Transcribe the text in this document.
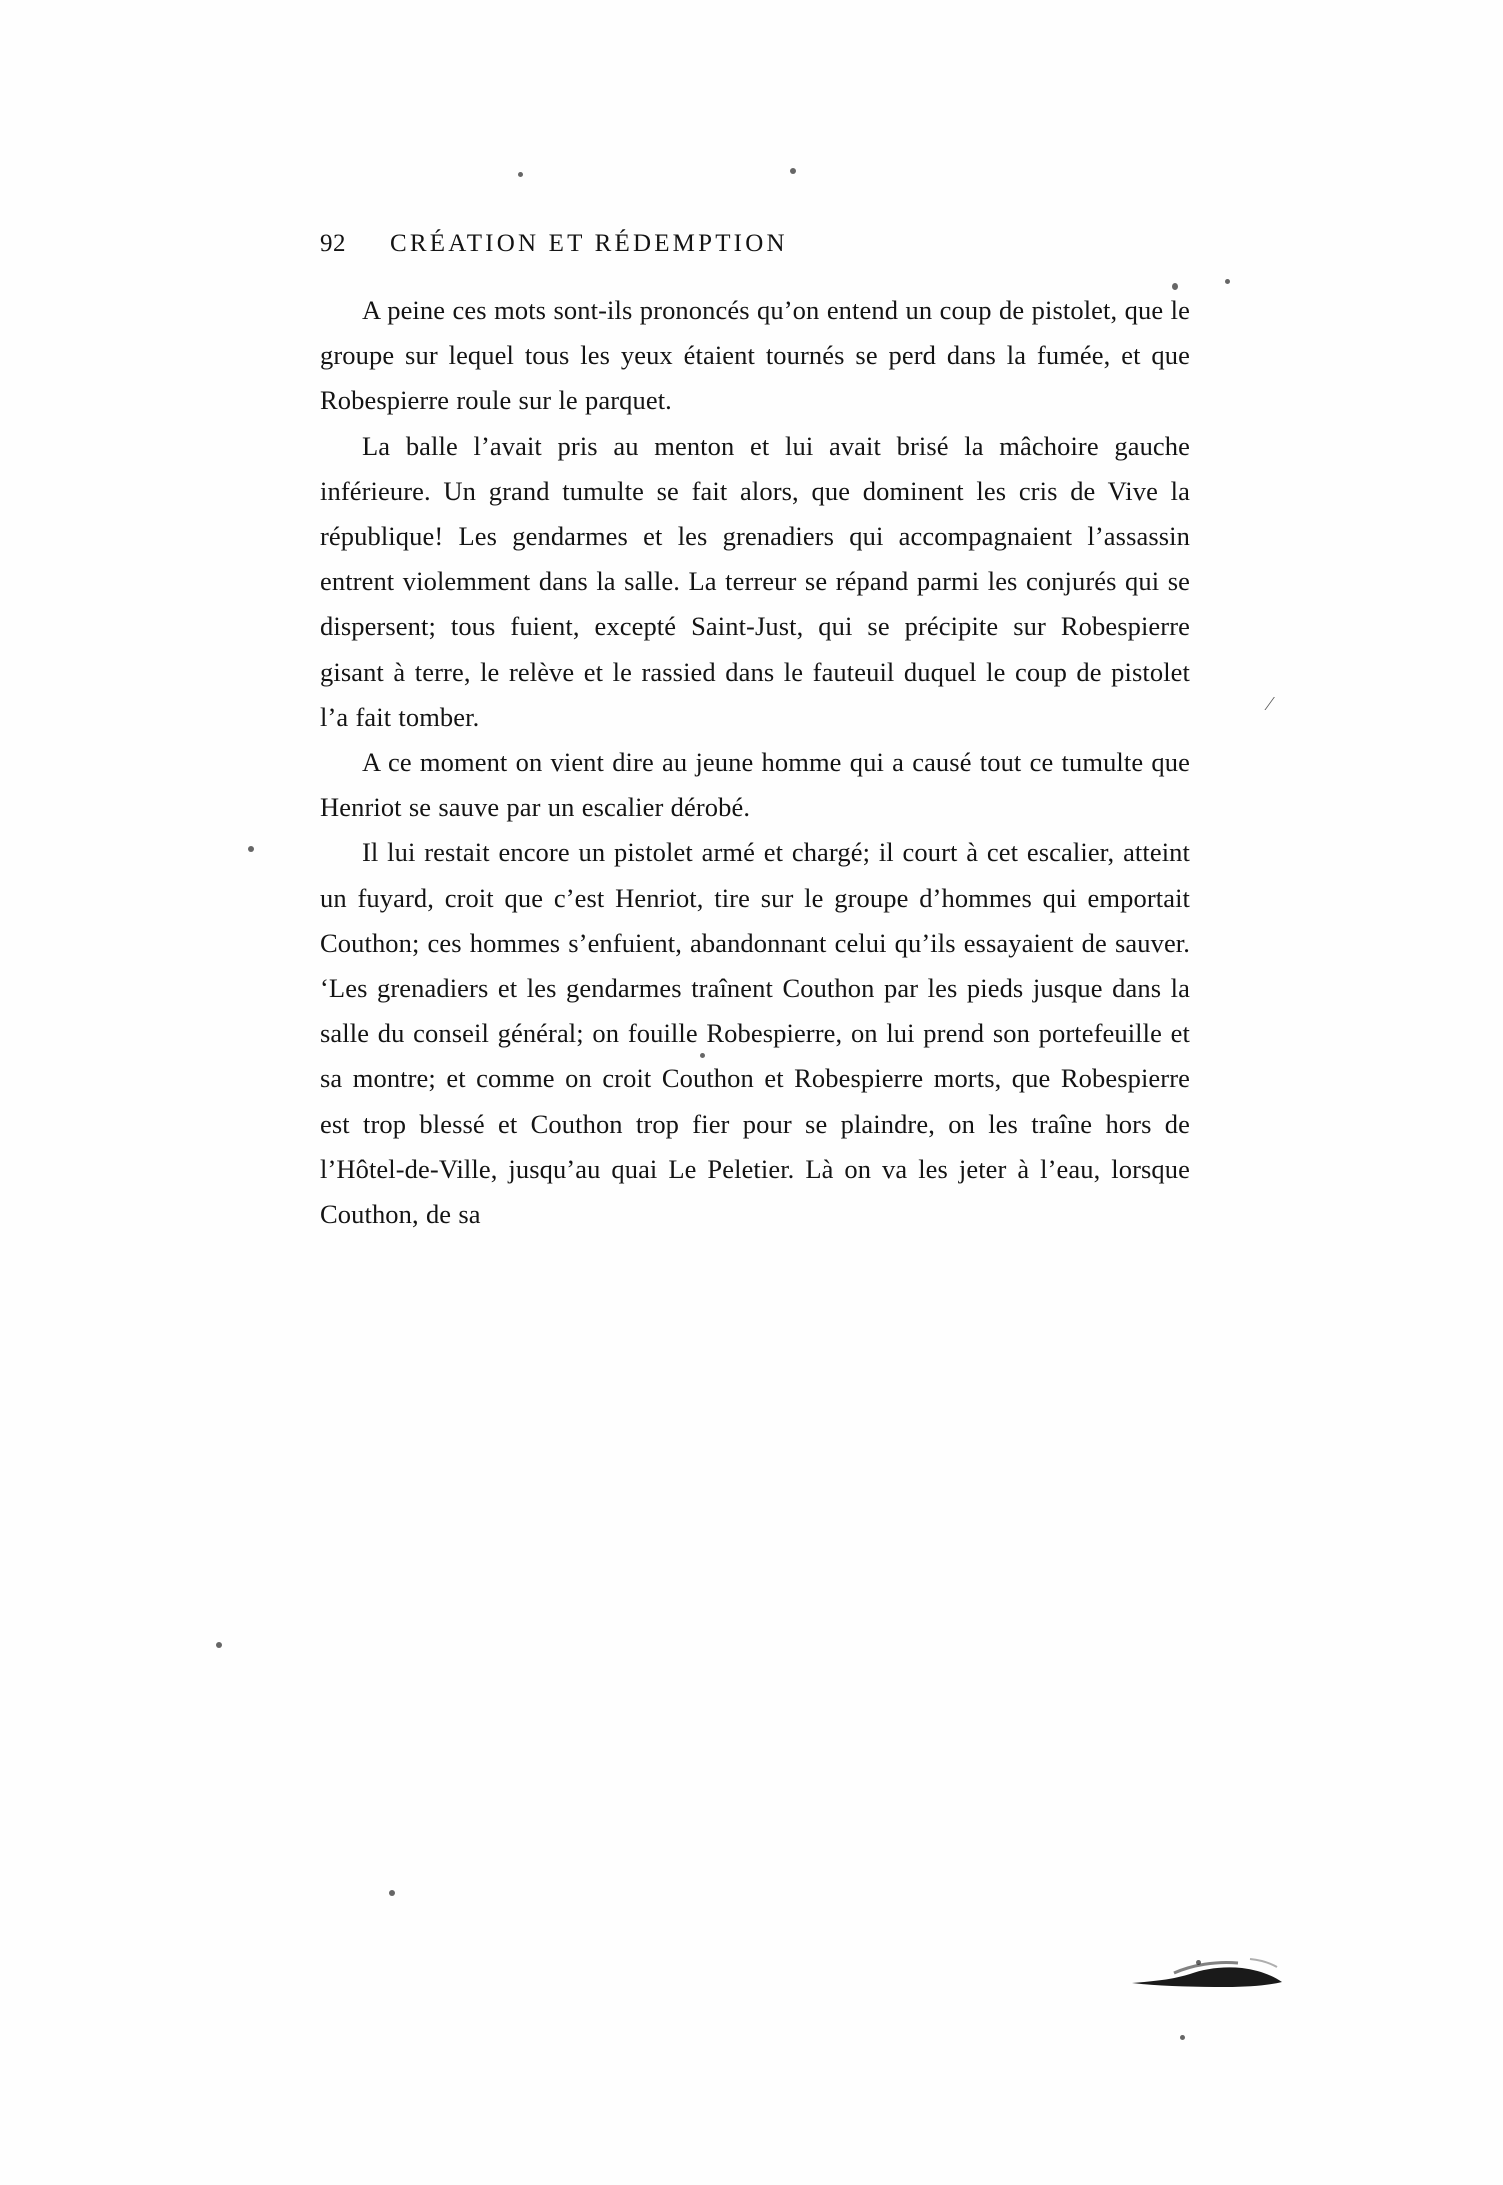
⁄
92 CRÉATION ET RÉDEMPTION

A peine ces mots sont-ils prononcés qu’on entend un coup de pistolet, que le groupe sur lequel tous les yeux étaient tournés se perd dans la fumée, et que Robespierre roule sur le parquet.

La balle l’avait pris au menton et lui avait brisé la mâchoire gauche inférieure. Un grand tumulte se fait alors, que dominent les cris de Vive la république! Les gendarmes et les grenadiers qui accompagnaient l’assassin entrent violemment dans la salle. La terreur se répand parmi les conjurés qui se dispersent; tous fuient, excepté Saint-Just, qui se précipite sur Robespierre gisant à terre, le relève et le rassied dans le fauteuil duquel le coup de pistolet l’a fait tomber.

A ce moment on vient dire au jeune homme qui a causé tout ce tumulte que Henriot se sauve par un escalier dérobé.

Il lui restait encore un pistolet armé et chargé; il court à cet escalier, atteint un fuyard, croit que c’est Henriot, tire sur le groupe d’hommes qui emportait Couthon; ces hommes s’enfuient, abandonnant celui qu’ils essayaient de sauver. ‘Les grenadiers et les gendarmes traînent Couthon par les pieds jusque dans la salle du conseil général; on fouille Robespierre, on lui prend son portefeuille et sa montre; et comme on croit Couthon et Robespierre morts, que Robespierre est trop blessé et Couthon trop fier pour se plaindre, on les traîne hors de l’Hôtel-de-Ville, jusqu’au quai Le Peletier. Là on va les jeter à l’eau, lorsque Couthon, de sa
